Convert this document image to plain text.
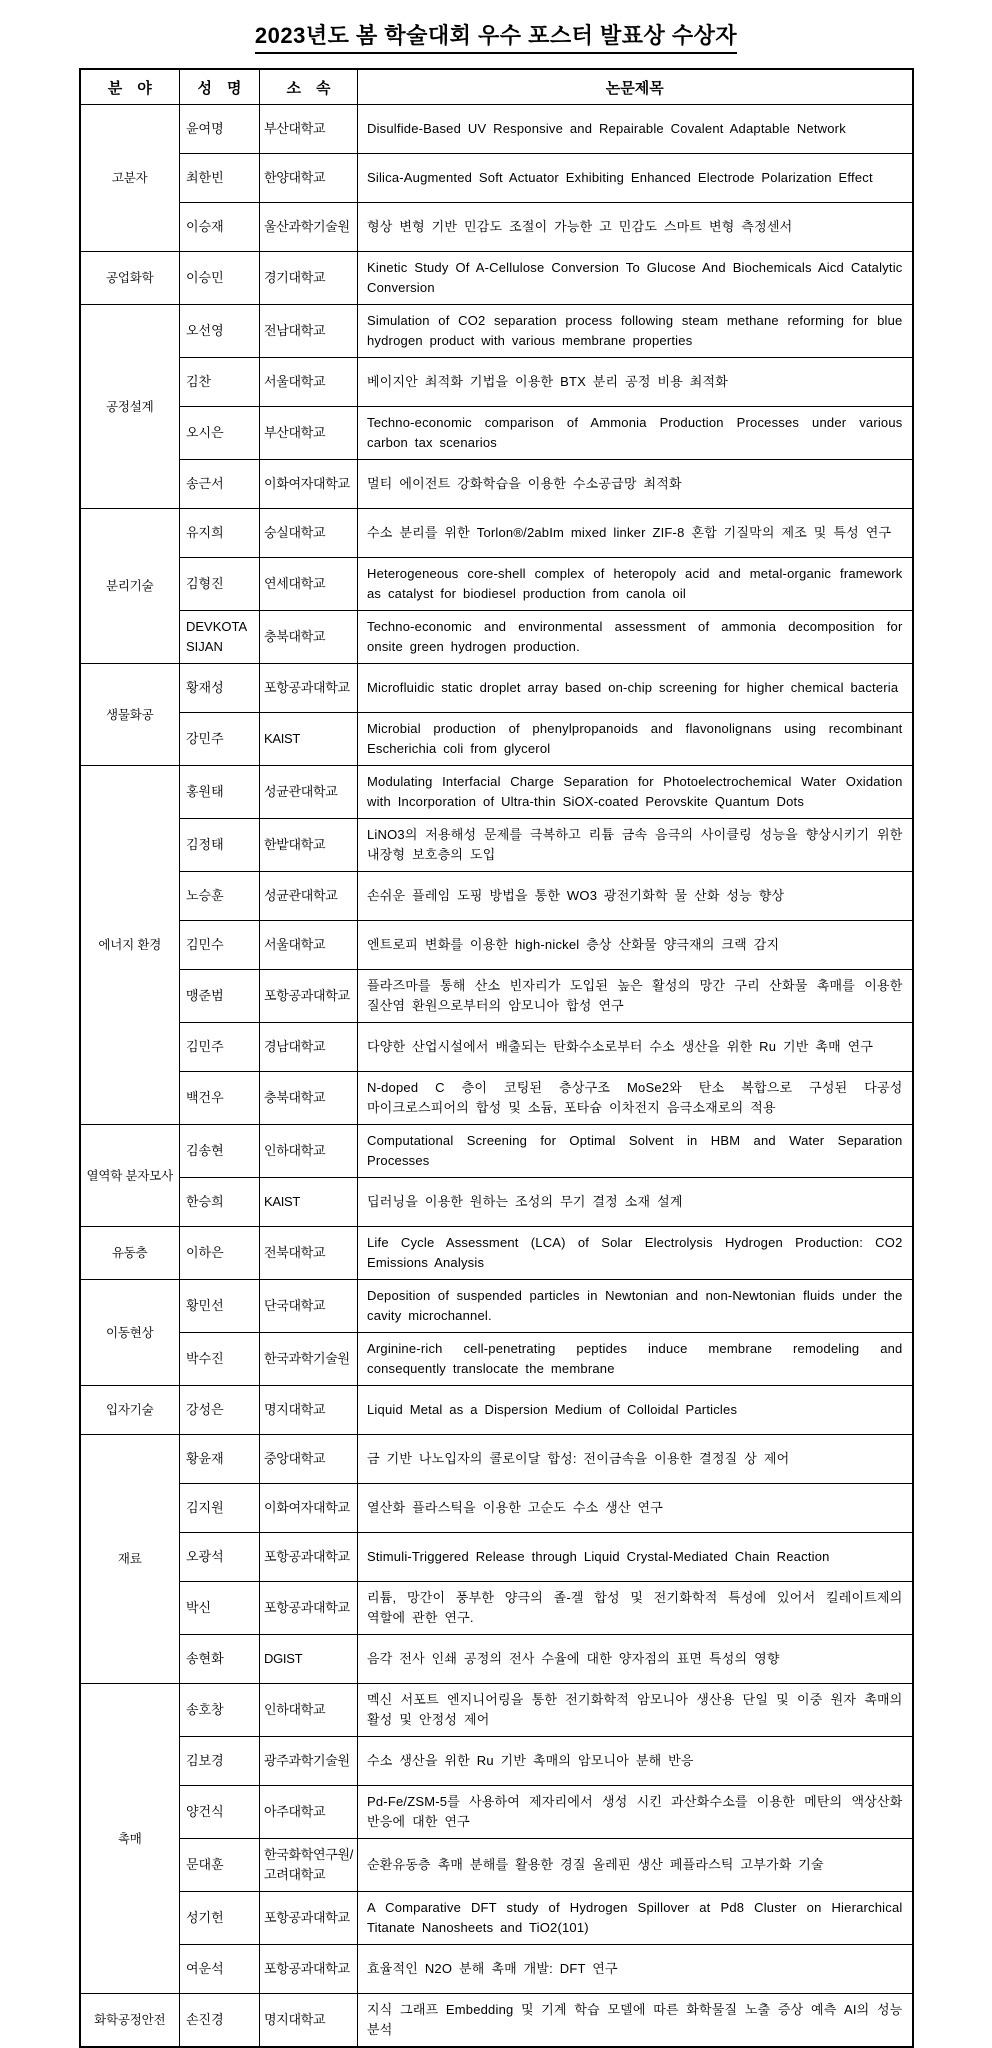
2023년도 봄 학술대회 우수 포스터 발표상 수상자
분　야	성　명	소　속	논문제목
고분자	윤여명	부산대학교	Disulfide-Based UV Responsive and Repairable Covalent Adaptable Network
	최한빈	한양대학교	Silica-Augmented Soft Actuator Exhibiting Enhanced Electrode Polarization Effect
	이승재	울산과학기술원	형상 변형 기반 민감도 조절이 가능한 고 민감도 스마트 변형 측정센서
공업화학	이승민	경기대학교	Kinetic Study Of A-Cellulose Conversion To Glucose And Biochemicals Aicd Catalytic Conversion
공정설계	오선영	전남대학교	Simulation of CO2 separation process following steam methane reforming for blue hydrogen product with various membrane properties
	김찬	서울대학교	베이지안 최적화 기법을 이용한 BTX 분리 공정 비용 최적화
	오시은	부산대학교	Techno-economic comparison of Ammonia Production Processes under various carbon tax scenarios
	송근서	이화여자대학교	멀티 에이전트 강화학습을 이용한 수소공급망 최적화
분리기술	유지희	숭실대학교	수소 분리를 위한 Torlon®/2abIm mixed linker ZIF-8 혼합 기질막의 제조 및 특성 연구
	김형진	연세대학교	Heterogeneous core-shell complex of heteropoly acid and metal-organic framework as catalyst for biodiesel production from canola oil
	DEVKOTA SIJAN	충북대학교	Techno-economic and environmental assessment of ammonia decomposition for onsite green hydrogen production.
생물화공	황재성	포항공과대학교	Microfluidic static droplet array based on-chip screening for higher chemical bacteria
	강민주	KAIST	Microbial production of phenylpropanoids and flavonolignans using recombinant Escherichia coli from glycerol
에너지 환경	홍원태	성균관대학교	Modulating Interfacial Charge Separation for Photoelectrochemical Water Oxidation with Incorporation of Ultra-thin SiOX-coated Perovskite Quantum Dots
	김정태	한밭대학교	LiNO3의 저용해성 문제를 극복하고 리튬 금속 음극의 사이클링 성능을 향상시키기 위한 내장형 보호층의 도입
	노승훈	성균관대학교	손쉬운 플레임 도핑 방법을 통한 WO3 광전기화학 물 산화 성능 향상
	김민수	서울대학교	엔트로피 변화를 이용한 high-nickel 층상 산화물 양극재의 크랙 감지
	맹준범	포항공과대학교	플라즈마를 통해 산소 빈자리가 도입된 높은 활성의 망간 구리 산화물 촉매를 이용한 질산염 환원으로부터의 암모니아 합성 연구
	김민주	경남대학교	다양한 산업시설에서 배출되는 탄화수소로부터 수소 생산을 위한 Ru 기반 촉매 연구
	백건우	충북대학교	N-doped C 층이 코팅된 층상구조 MoSe2와 탄소 복합으로 구성된 다공성 마이크로스피어의 합성 및 소듐, 포타슘 이차전지 음극소재로의 적용
열역학 분자모사	김송현	인하대학교	Computational Screening for Optimal Solvent in HBM and Water Separation Processes
	한승희	KAIST	딥러닝을 이용한 원하는 조성의 무기 결정 소재 설계
유동층	이하은	전북대학교	Life Cycle Assessment (LCA) of Solar Electrolysis Hydrogen Production: CO2 Emissions Analysis
이동현상	황민선	단국대학교	Deposition of suspended particles in Newtonian and non-Newtonian fluids under the cavity microchannel.
	박수진	한국과학기술원	Arginine-rich cell-penetrating peptides induce membrane remodeling and consequently translocate the membrane
입자기술	강성은	명지대학교	Liquid Metal as a Dispersion Medium of Colloidal Particles
재료	황윤재	중앙대학교	금 기반 나노입자의 콜로이달 합성: 전이금속을 이용한 결정질 상 제어
	김지원	이화여자대학교	열산화 플라스틱을 이용한 고순도 수소 생산 연구
	오광석	포항공과대학교	Stimuli-Triggered Release through Liquid Crystal-Mediated Chain Reaction
	박신	포항공과대학교	리튬, 망간이 풍부한 양극의 졸-겔 합성 및 전기화학적 특성에 있어서 킬레이트제의 역할에 관한 연구.
	송현화	DGIST	음각 전사 인쇄 공정의 전사 수율에 대한 양자점의 표면 특성의 영향
촉매	송호창	인하대학교	멕신 서포트 엔지니어링을 통한 전기화학적 암모니아 생산용 단일 및 이중 원자 촉매의 활성 및 안정성 제어
	김보경	광주과학기술원	수소 생산을 위한 Ru 기반 촉매의 암모니아 분해 반응
	양건식	아주대학교	Pd-Fe/ZSM-5를 사용하여 제자리에서 생성 시킨 과산화수소를 이용한 메탄의 액상산화 반응에 대한 연구
	문대훈	한국화학연구원/고려대학교	순환유동층 촉매 분해를 활용한 경질 올레핀 생산 페플라스틱 고부가화 기술
	성기헌	포항공과대학교	A Comparative DFT study of Hydrogen Spillover at Pd8 Cluster on Hierarchical Titanate Nanosheets and TiO2(101)
	여운석	포항공과대학교	효율적인 N2O 분해 촉매 개발: DFT 연구
화학공정안전	손진경	명지대학교	지식 그래프 Embedding 및 기계 학습 모델에 따른 화학물질 노출 증상 예측 AI의 성능 분석
